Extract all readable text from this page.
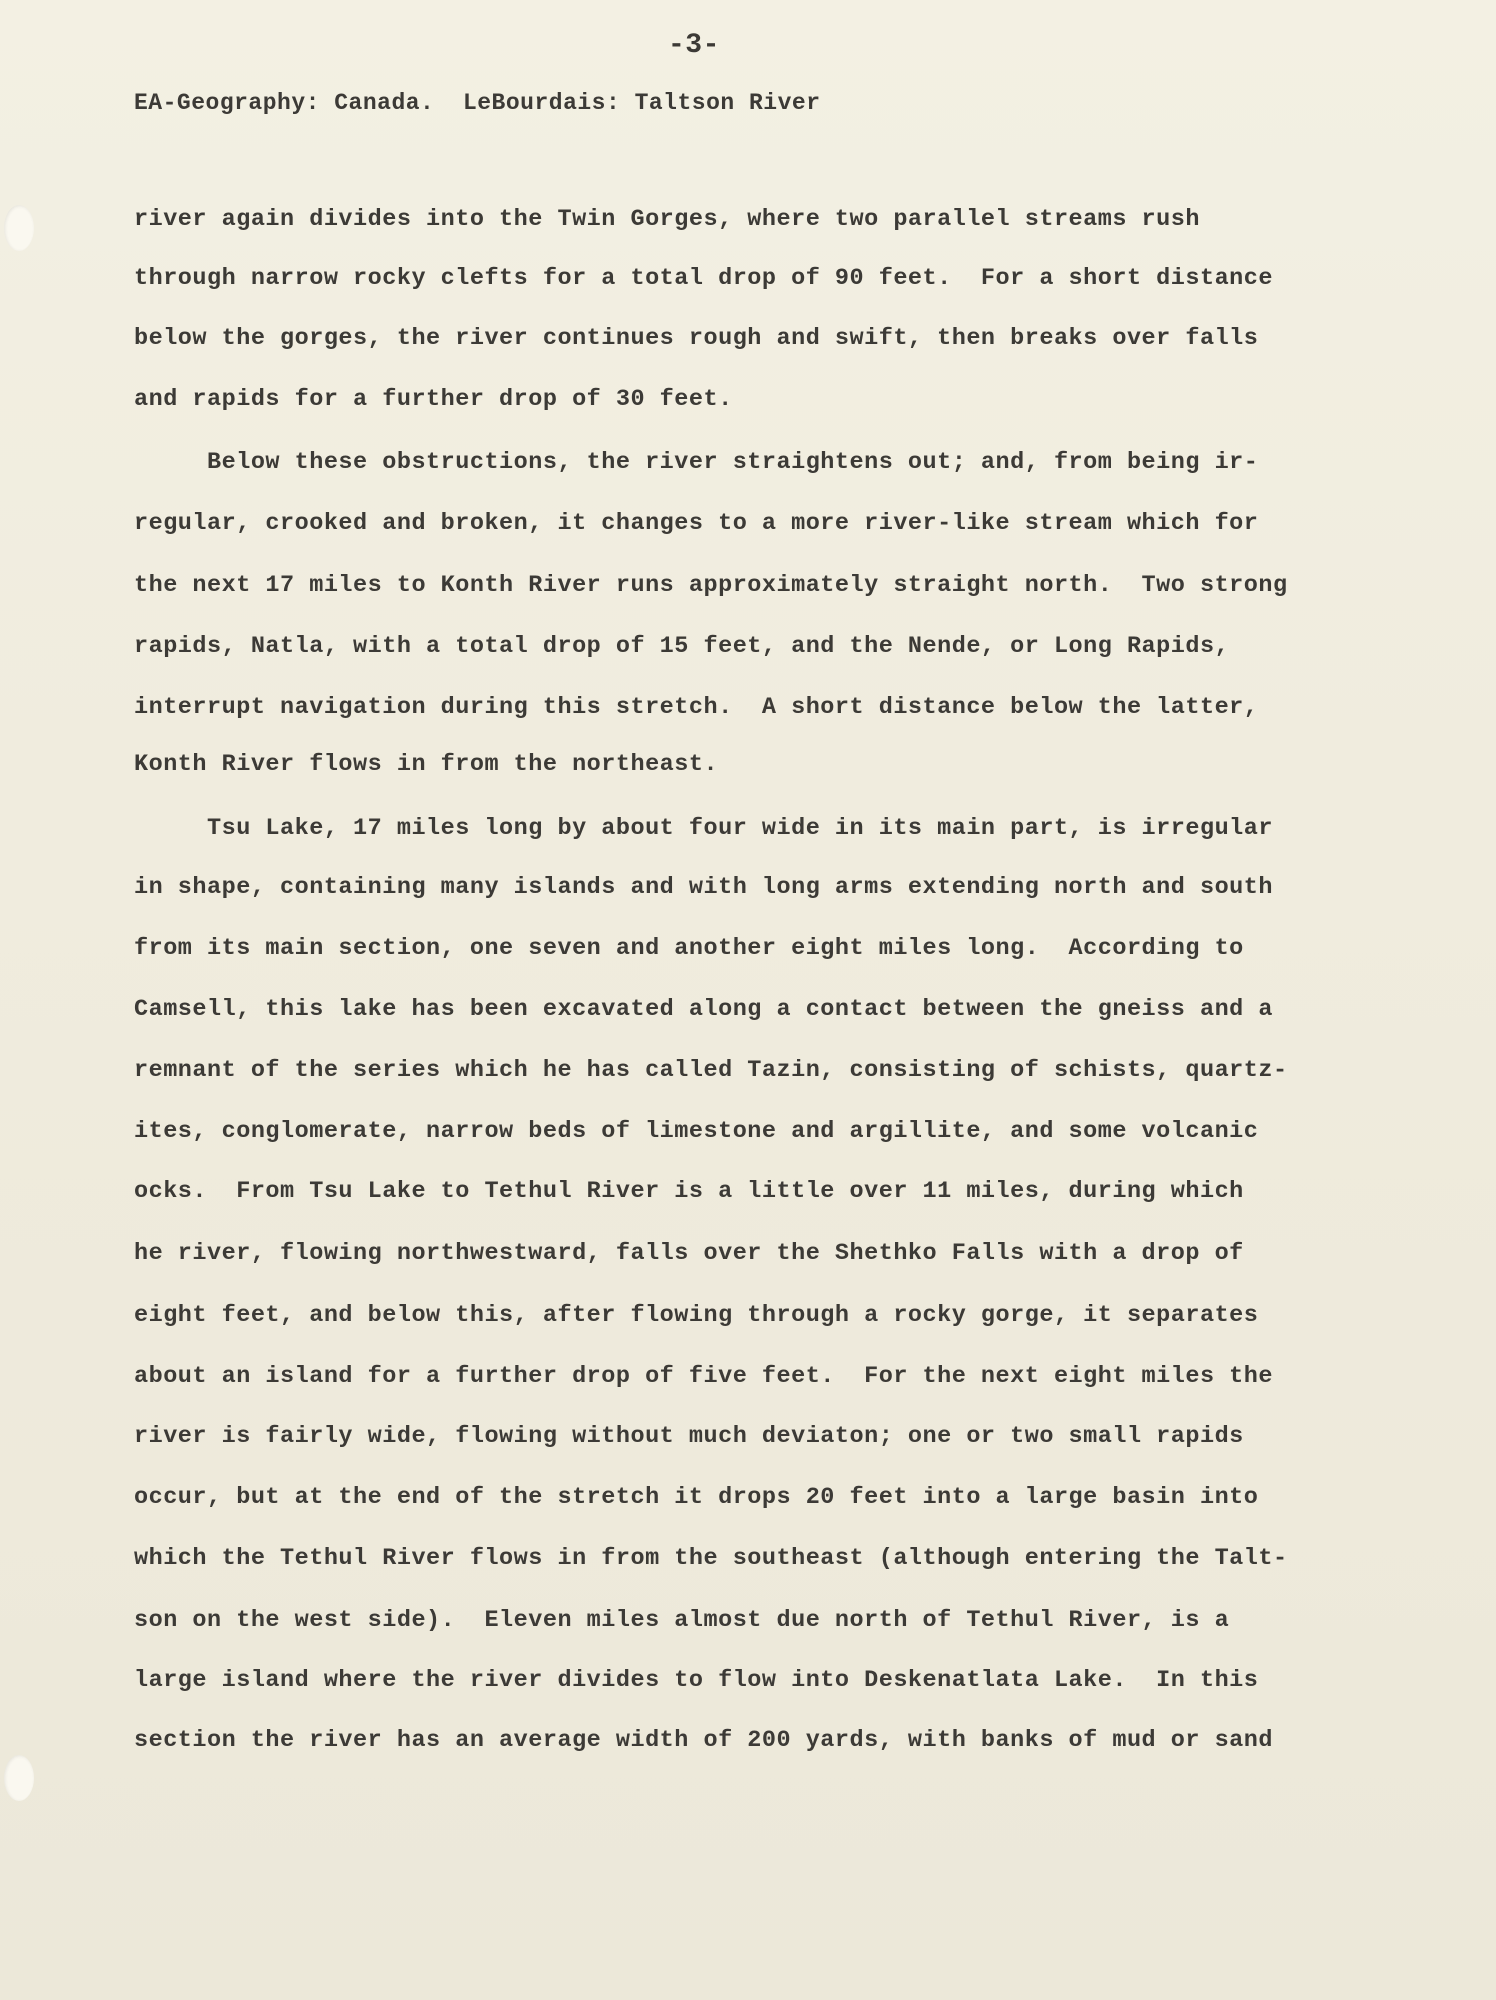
-3-
EA-Geography: Canada.  LeBourdais: Taltson River
river again divides into the Twin Gorges, where two parallel streams rush
through narrow rocky clefts for a total drop of 90 feet.  For a short distance
below the gorges, the river continues rough and swift, then breaks over falls
and rapids for a further drop of 30 feet.
Below these obstructions, the river straightens out; and, from being ir-
regular, crooked and broken, it changes to a more river-like stream which for
the next 17 miles to Konth River runs approximately straight north.  Two strong
rapids, Natla, with a total drop of 15 feet, and the Nende, or Long Rapids,
interrupt navigation during this stretch.  A short distance below the latter,
Konth River flows in from the northeast.
Tsu Lake, 17 miles long by about four wide in its main part, is irregular
in shape, containing many islands and with long arms extending north and south
from its main section, one seven and another eight miles long.  According to
Camsell, this lake has been excavated along a contact between the gneiss and a
remnant of the series which he has called Tazin, consisting of schists, quartz-
ites, conglomerate, narrow beds of limestone and argillite, and some volcanic
ocks.  From Tsu Lake to Tethul River is a little over 11 miles, during which
he river, flowing northwestward, falls over the Shethko Falls with a drop of
eight feet, and below this, after flowing through a rocky gorge, it separates
about an island for a further drop of five feet.  For the next eight miles the
river is fairly wide, flowing without much deviaton; one or two small rapids
occur, but at the end of the stretch it drops 20 feet into a large basin into
which the Tethul River flows in from the southeast (although entering the Talt-
son on the west side).  Eleven miles almost due north of Tethul River, is a
large island where the river divides to flow into Deskenatlata Lake.  In this
section the river has an average width of 200 yards, with banks of mud or sand
